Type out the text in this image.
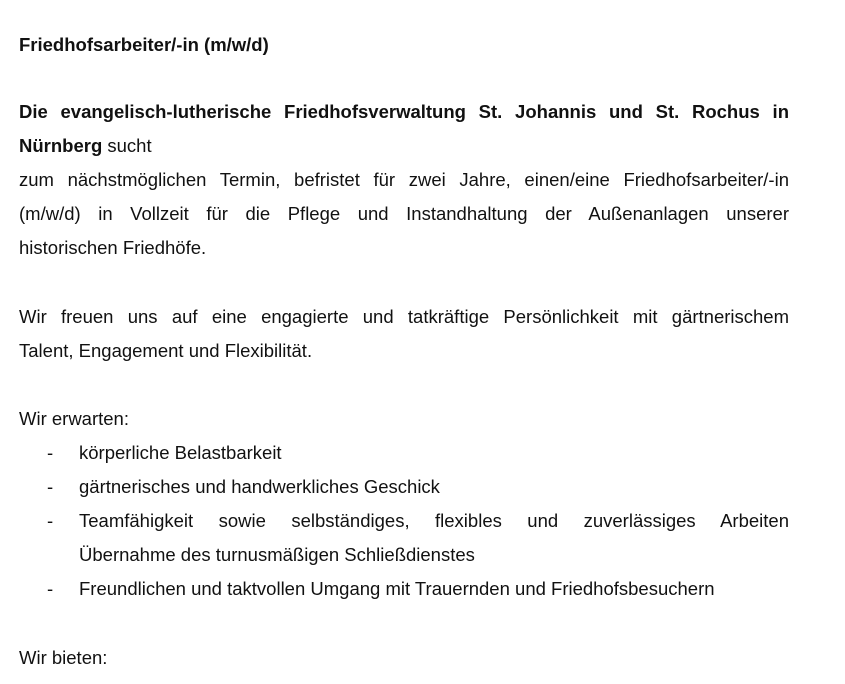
Friedhofsarbeiter/-in (m/w/d)
Die evangelisch-lutherische Friedhofsverwaltung St. Johannis und St. Rochus in
Nürnberg sucht
zum nächstmöglichen Termin, befristet für zwei Jahre, einen/eine Friedhofsarbeiter/-in
(m/w/d) in Vollzeit für die Pflege und Instandhaltung der Außenanlagen unserer
historischen Friedhöfe.
Wir freuen uns auf eine engagierte und tatkräftige Persönlichkeit mit gärtnerischem
Talent, Engagement und Flexibilität.
Wir erwarten:
- körperliche Belastbarkeit
- gärtnerisches und handwerkliches Geschick
- Teamfähigkeit sowie selbständiges, flexibles und zuverlässiges Arbeiten
Übernahme des turnusmäßigen Schließdienstes
- Freundlichen und taktvollen Umgang mit Trauernden und Friedhofsbesuchern
Wir bieten:
